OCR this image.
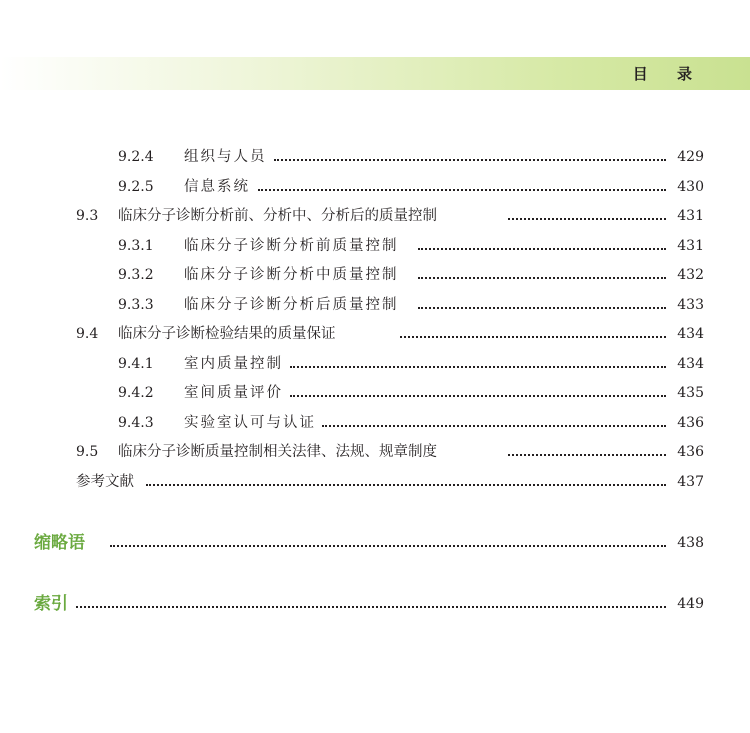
目 录
9.2.4 组织与人员	429
9.2.5 信息系统	430
9.3 临床分子诊断分析前、分析中、分析后的质量控制	431
9.3.1 临床分子诊断分析前质量控制	431
9.3.2 临床分子诊断分析中质量控制	432
9.3.3 临床分子诊断分析后质量控制	433
9.4 临床分子诊断检验结果的质量保证	434
9.4.1 室内质量控制	434
9.4.2 室间质量评价	435
9.4.3 实验室认可与认证	436
9.5 临床分子诊断质量控制相关法律、法规、规章制度	436
参考文献	437
缩略语	438
索引	449
